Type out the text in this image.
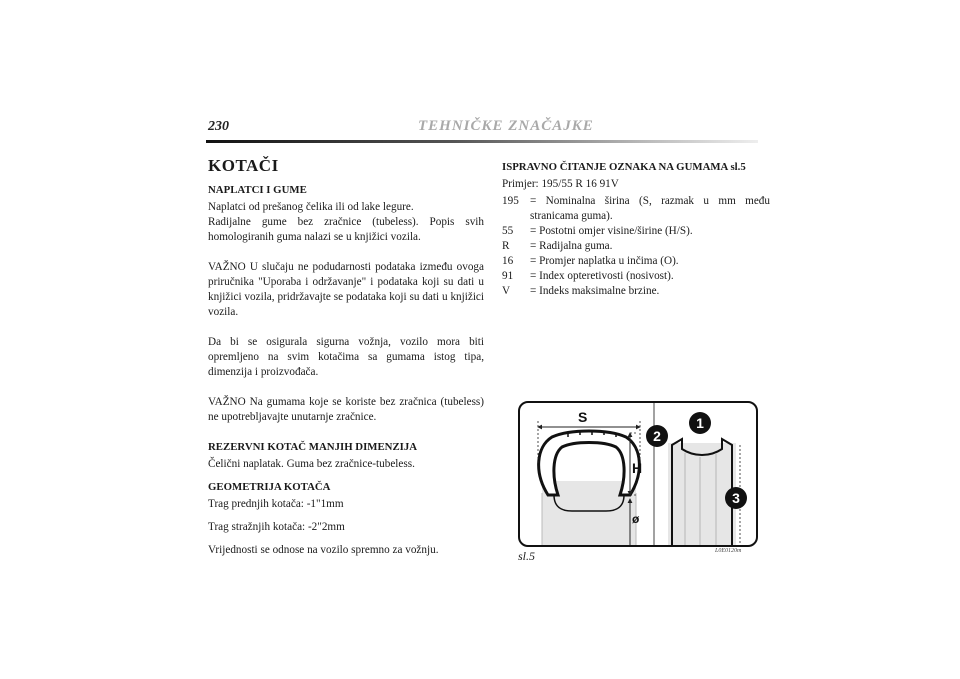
230	TEHNIČKE ZNAČAJKE
KOTAČI
NAPLATCI I GUME

Naplatci od prešanog čelika ili od lake legure.

Radijalne gume bez zračnice (tubeless). Popis svih homologiranih guma nalazi se u knjižici vozila.

VAŽNO U slučaju ne podudarnosti podataka između ovoga priručnika "Uporaba i održavanje" i podataka koji su dati u knjižici vozila, pridržavajte se podataka koji su dati u knjižici vozila.

Da bi se osigurala sigurna vožnja, vozilo mora biti opremljeno na svim kotačima sa gumama istog tipa, dimenzija i proizvođača.

VAŽNO Na gumama koje se koriste bez zračnica (tubeless) ne upotrebljavajte unutarnje zračnice.

REZERVNI KOTAČ MANJIH DIMENZIJA

Čelični naplatak. Guma bez zračnice-tubeless.

GEOMETRIJA KOTAČA

Trag prednjih kotača: -1"1mm

Trag stražnjih kotača: -2"2mm

Vrijednosti se odnose na vozilo spremno za vožnju.

ISPRAVNO ČITANJE OZNAKA NA GUMAMA sl.5

Primjer: 195/55 R 16 91V

195	= Nominalna širina (S, razmak u mm među stranicama guma).
55	= Postotni omjer visine/širine (H/S).
R	= Radijalna guma.
16	= Promjer naplatka u inčima (O).
91	= Index opteretivosti (nosivost).
V	= Indeks maksimalne brzine.
S
H
ø
1
2
3
sl.5	L0E0120m
